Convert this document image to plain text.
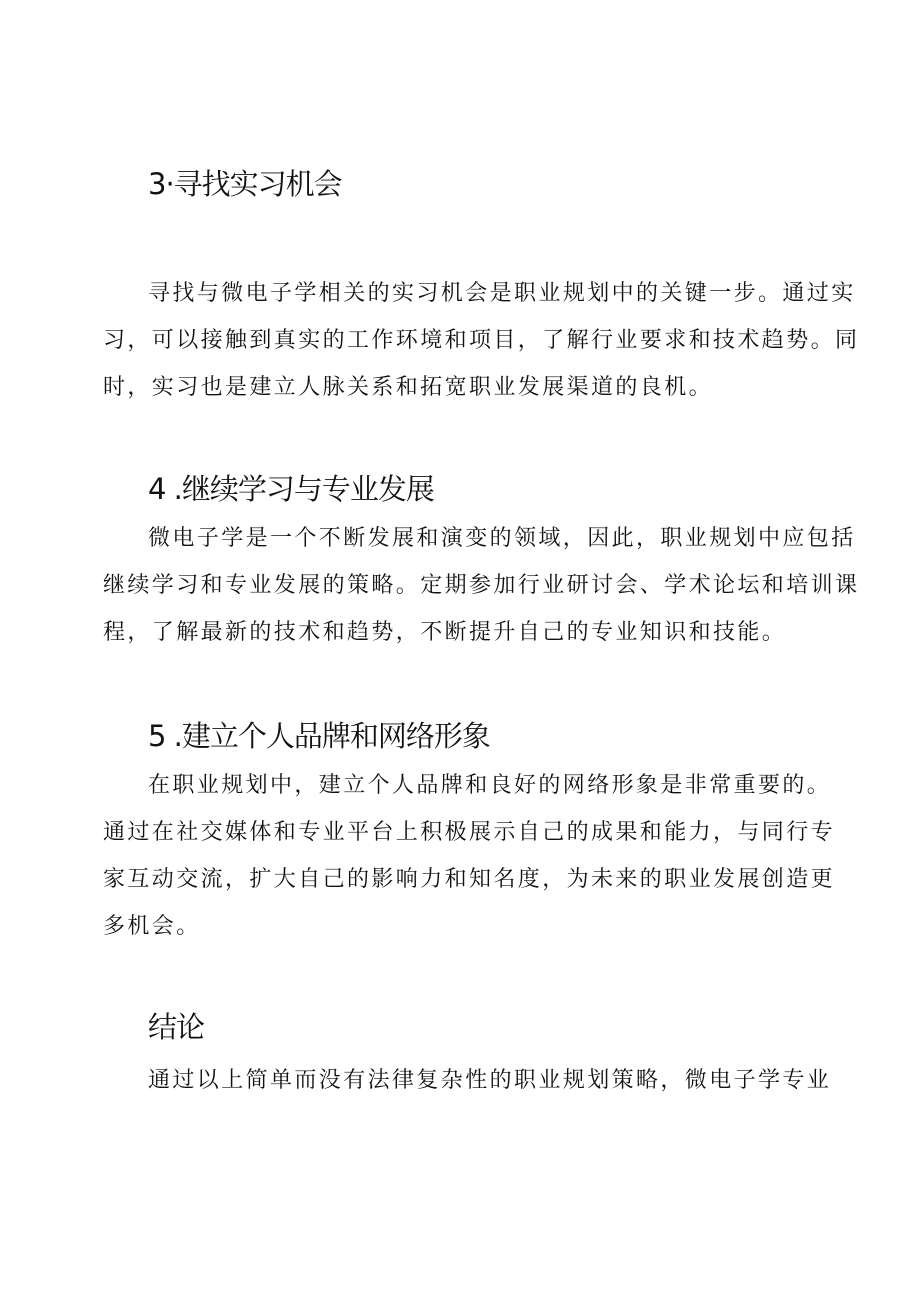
3·寻找实习机会
寻找与微电子学相关的实习机会是职业规划中的关键一步。通过实
习，可以接触到真实的工作环境和项目，了解行业要求和技术趋势。同
时，实习也是建立人脉关系和拓宽职业发展渠道的良机。
4 .继续学习与专业发展
微电子学是一个不断发展和演变的领域，因此，职业规划中应包括
继续学习和专业发展的策略。定期参加行业研讨会、学术论坛和培训课
程，了解最新的技术和趋势，不断提升自己的专业知识和技能。
5 .建立个人品牌和网络形象
在职业规划中，建立个人品牌和良好的网络形象是非常重要的。
通过在社交媒体和专业平台上积极展示自己的成果和能力，与同行专
家互动交流，扩大自己的影响力和知名度，为未来的职业发展创造更
多机会。
结论
通过以上简单而没有法律复杂性的职业规划策略，微电子学专业
